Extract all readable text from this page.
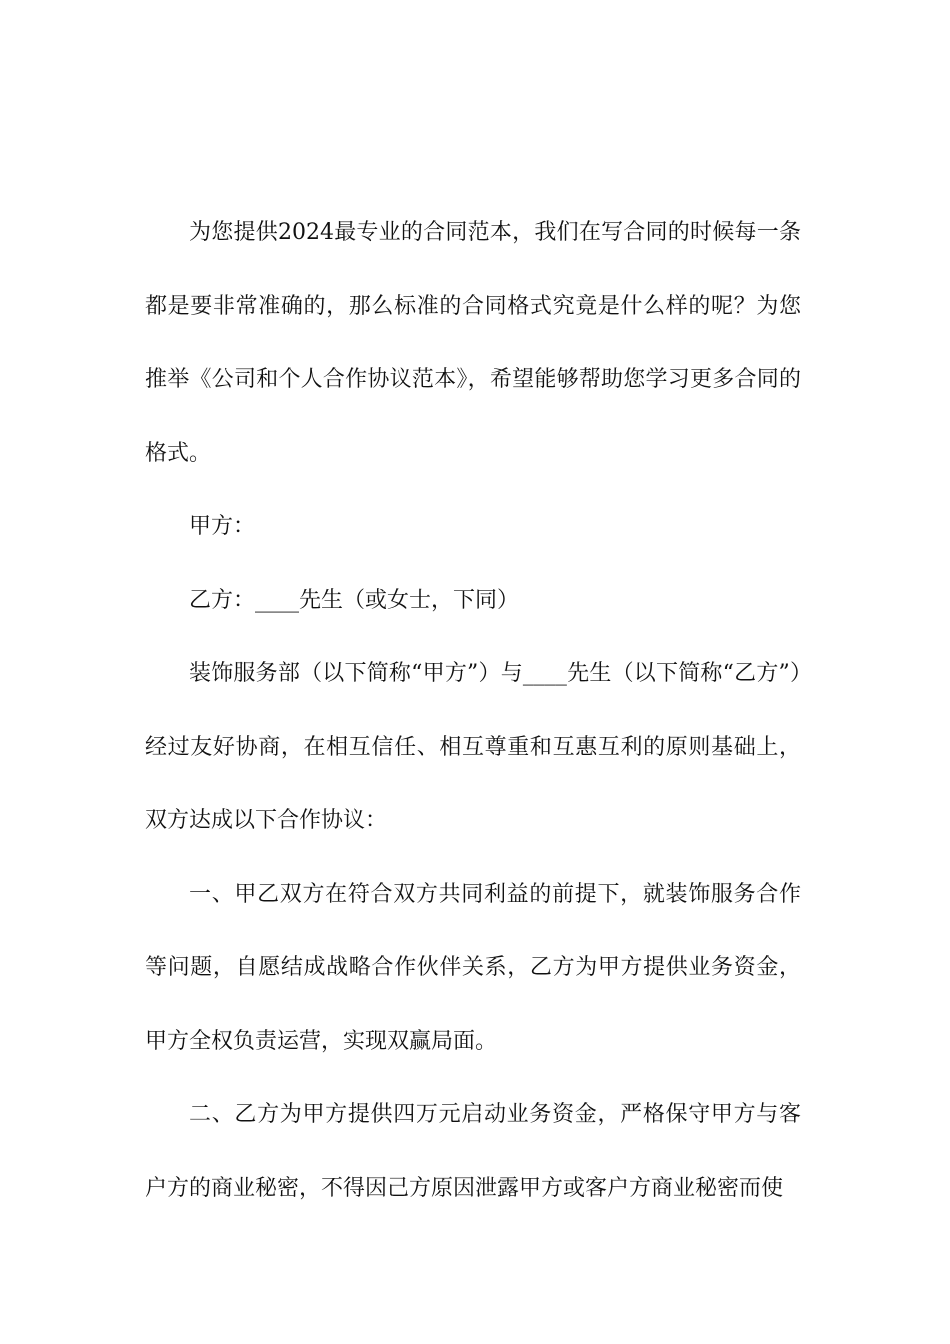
为您提供2024最专业的合同范本，我们在写合同的时候每一条都是要非常准确的，那么标准的合同格式究竟是什么样的呢？为您推举《公司和个人合作协议范本》，希望能够帮助您学习更多合同的格式。

甲方：

乙方：____先生（或女士，下同）

装饰服务部（以下简称“甲方”）与____先生（以下简称“乙方”）经过友好协商，在相互信任、相互尊重和互惠互利的原则基础上，双方达成以下合作协议：

一、甲乙双方在符合双方共同利益的前提下，就装饰服务合作等问题，自愿结成战略合作伙伴关系，乙方为甲方提供业务资金，甲方全权负责运营，实现双赢局面。

二、乙方为甲方提供四万元启动业务资金，严格保守甲方与客户方的商业秘密，不得因己方原因泄露甲方或客户方商业秘密而使
